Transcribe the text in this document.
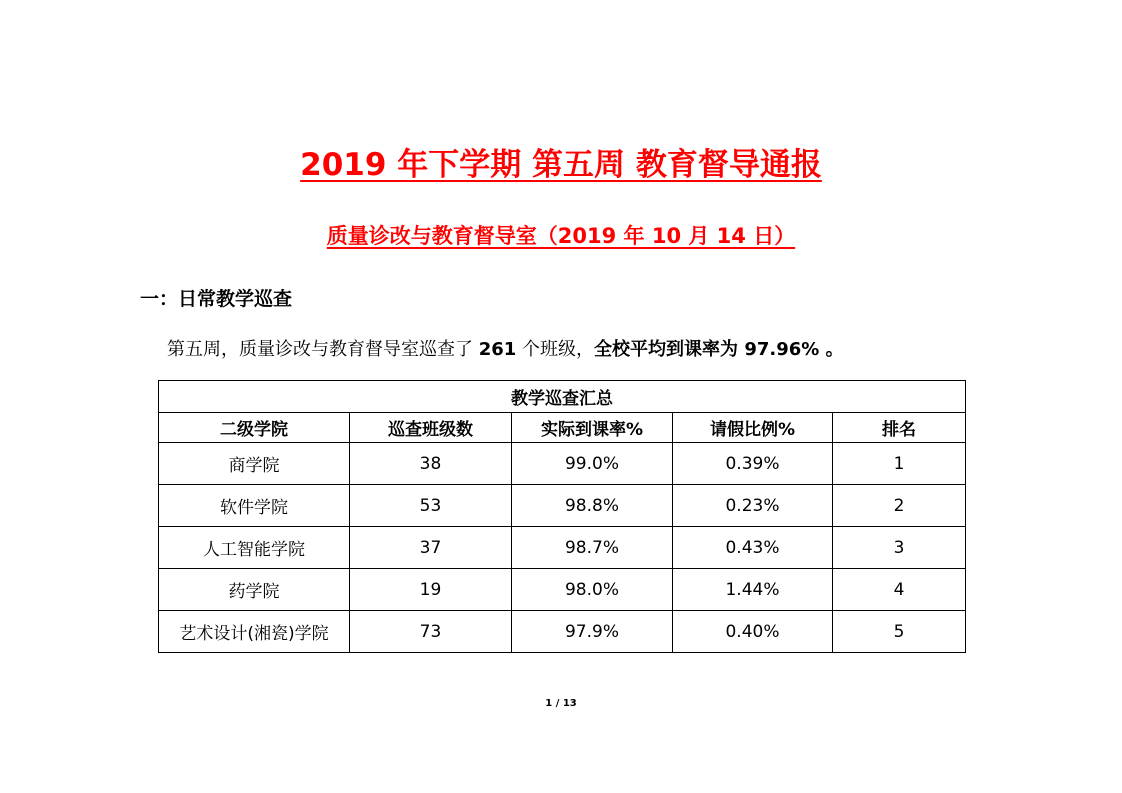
2019 年下学期 第五周 教育督导通报
质量诊改与教育督导室（2019 年 10 月 14 日）
一：日常教学巡查
第五周，质量诊改与教育督导室巡查了 261 个班级，全校平均到课率为 97.96% 。
教学巡查汇总				
二级学院	巡查班级数	实际到课率%	请假比例%	排名
商学院	38	99.0%	0.39%	1
软件学院	53	98.8%	0.23%	2
人工智能学院	37	98.7%	0.43%	3
药学院	19	98.0%	1.44%	4
艺术设计(湘瓷)学院	73	97.9%	0.40%	5
1 / 13
